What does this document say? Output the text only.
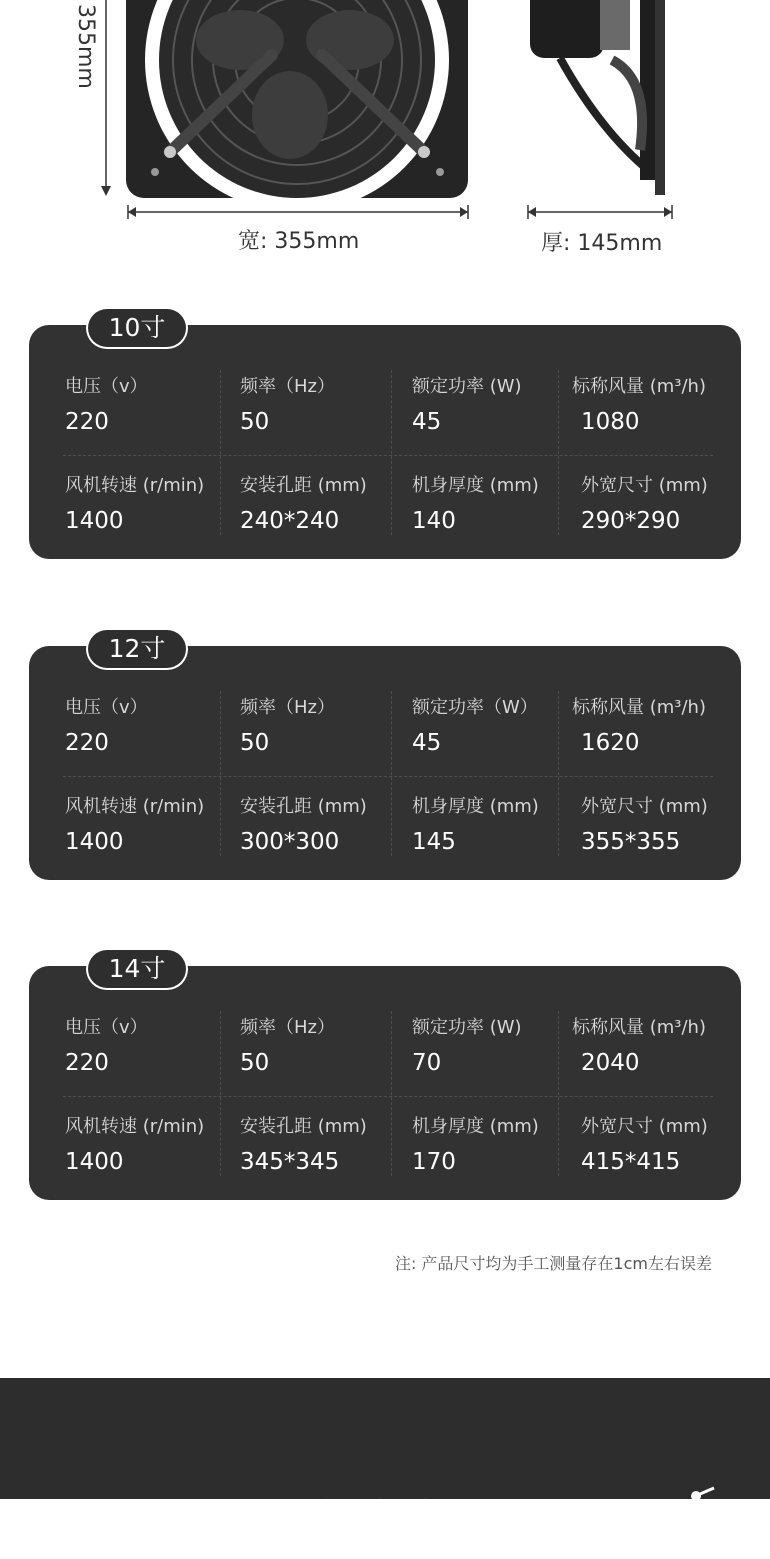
355mm
宽: 355mm	厚: 145mm
电压（v）
220
频率（Hz）
50
额定功率 (W)
45
标称风量 (m³/h)
1080
风机转速 (r/min)
1400
安装孔距 (mm)
240*240
机身厚度 (mm)
140
外宽尺寸 (mm)
290*290
10寸
电压（v）
220
频率（Hz）
50
额定功率（W）
45
标称风量 (m³/h)
1620
风机转速 (r/min)
1400
安装孔距 (mm)
300*300
机身厚度 (mm)
145
外宽尺寸 (mm)
355*355
12寸
电压（v）
220
频率（Hz）
50
额定功率 (W)
70
标称风量 (m³/h)
2040
风机转速 (r/min)
1400
安装孔距 (mm)
345*345
机身厚度 (mm)
170
外宽尺寸 (mm)
415*415
14寸
注: 产品尺寸均为手工测量存在1cm左右误差
大风量快速换气
